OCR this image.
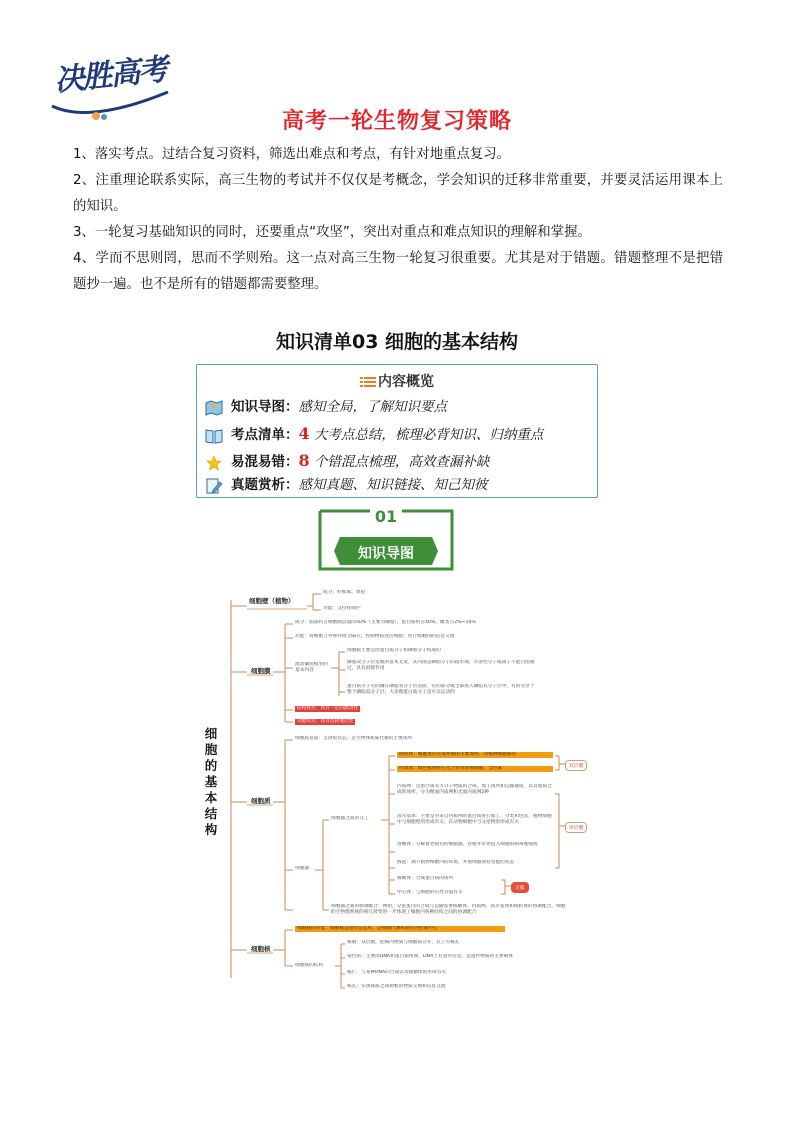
决胜高考
高考一轮生物复习策略

1、落实考点。过结合复习资料，筛选出难点和考点，有针对地重点复习。

2、注重理论联系实际，高三生物的考试并不仅仅是考概念，学会知识的迁移非常重要，并要灵活运用课本上的知识。

3、一轮复习基础知识的同时，还要重点“攻坚”，突出对重点和难点知识的理解和掌握。

4、学而不思则罔，思而不学则殆。这一点对高三生物一轮复习很重要。尤其是对于错题。错题整理不是把错题抄一遍。也不是所有的错题都需要整理。

知识清单03 细胞的基本结构
内容概览
知识导图：感知全局，了解知识要点
考点清单：4 大考点总结，梳理必背知识、归纳重点
易混易错：8 个错混点梳理，高效查漏补缺
真题赏析：感知真题、知识链接、知己知彼
01
知识导图
细
胞
的
基
本
结
构
细胞壁（植物）
细胞膜
细胞质
细胞核
成分：纤维素、果胶
功能：支持和保护
成分：脂质约占细胞膜总量的50%（主要为磷脂），蛋白质约占40%，糖类占2%~10%
功能：将细胞与外界环境分隔开；控制物质进出细胞；进行细胞间的信息交流
流动镶嵌模型的基本内容
细胞膜主要是由蛋白质分子和磷脂分子构成的
磷脂双分子层是膜的基本支架，其内部是磷脂分子的疏水端，水溶性分子或离子不能自由通过，具有屏障作用
蛋白质分子有的镶在磷脂双分子层表面，有的部分或全部嵌入磷脂双分子层中，有的贯穿于整个磷脂双分子层；大多数蛋白质分子是可以运动的
结构特点：具有一定的流动性
功能特点：具有选择透过性
细胞质基质：呈溶胶状态，是生物体新陈代谢的主要场所
细胞器
细胞器之间的分工
线粒体：细胞进行有氧呼吸的主要场所，动植物细胞都有
叶绿体：绿色植物进行光合作用的细胞器，含色素
内质网：是蛋白质等大分子物质的合成、加工场所和运输通道，以及脂质合成的场所，分为粗面内质网和光面内质网2种
高尔基体：主要是对来自内质网的蛋白质进行加工、分类和包装，植物细胞中与细胞壁的形成有关；在动物细胞中与分泌物的形成有关
溶酶体：分解衰老损伤的细胞器，吞噬并杀死侵入细胞的病毒或细菌
液泡：调节植物细胞内的环境，并使细胞保持坚挺的状态
核糖体：合成蛋白质的场所
中心体：与细胞的有丝分裂有关
细胞器之间的协调配合：例如，分泌蛋白的合成与运输需要核糖体、内质网、高尔基体和线粒体的协调配合。细胞的生物膜系统的相互转变进一步体现了细胞内各种结构之间的协调配合
双层膜
单层膜
无膜
细胞核的功能：细胞核是遗传信息库，是细胞代谢和遗传的控制中心
细胞核的结构
核膜：双层膜，把核内物质与细胞质分开，其上有核孔
染色质：主要由DNA和蛋白质组成，DNA上有遗传信息，是遗传物质的主要载体
核仁：与某种RNA的合成以及核糖体的形成有关
核孔：实现核质之间频繁的物质交换和信息交流
